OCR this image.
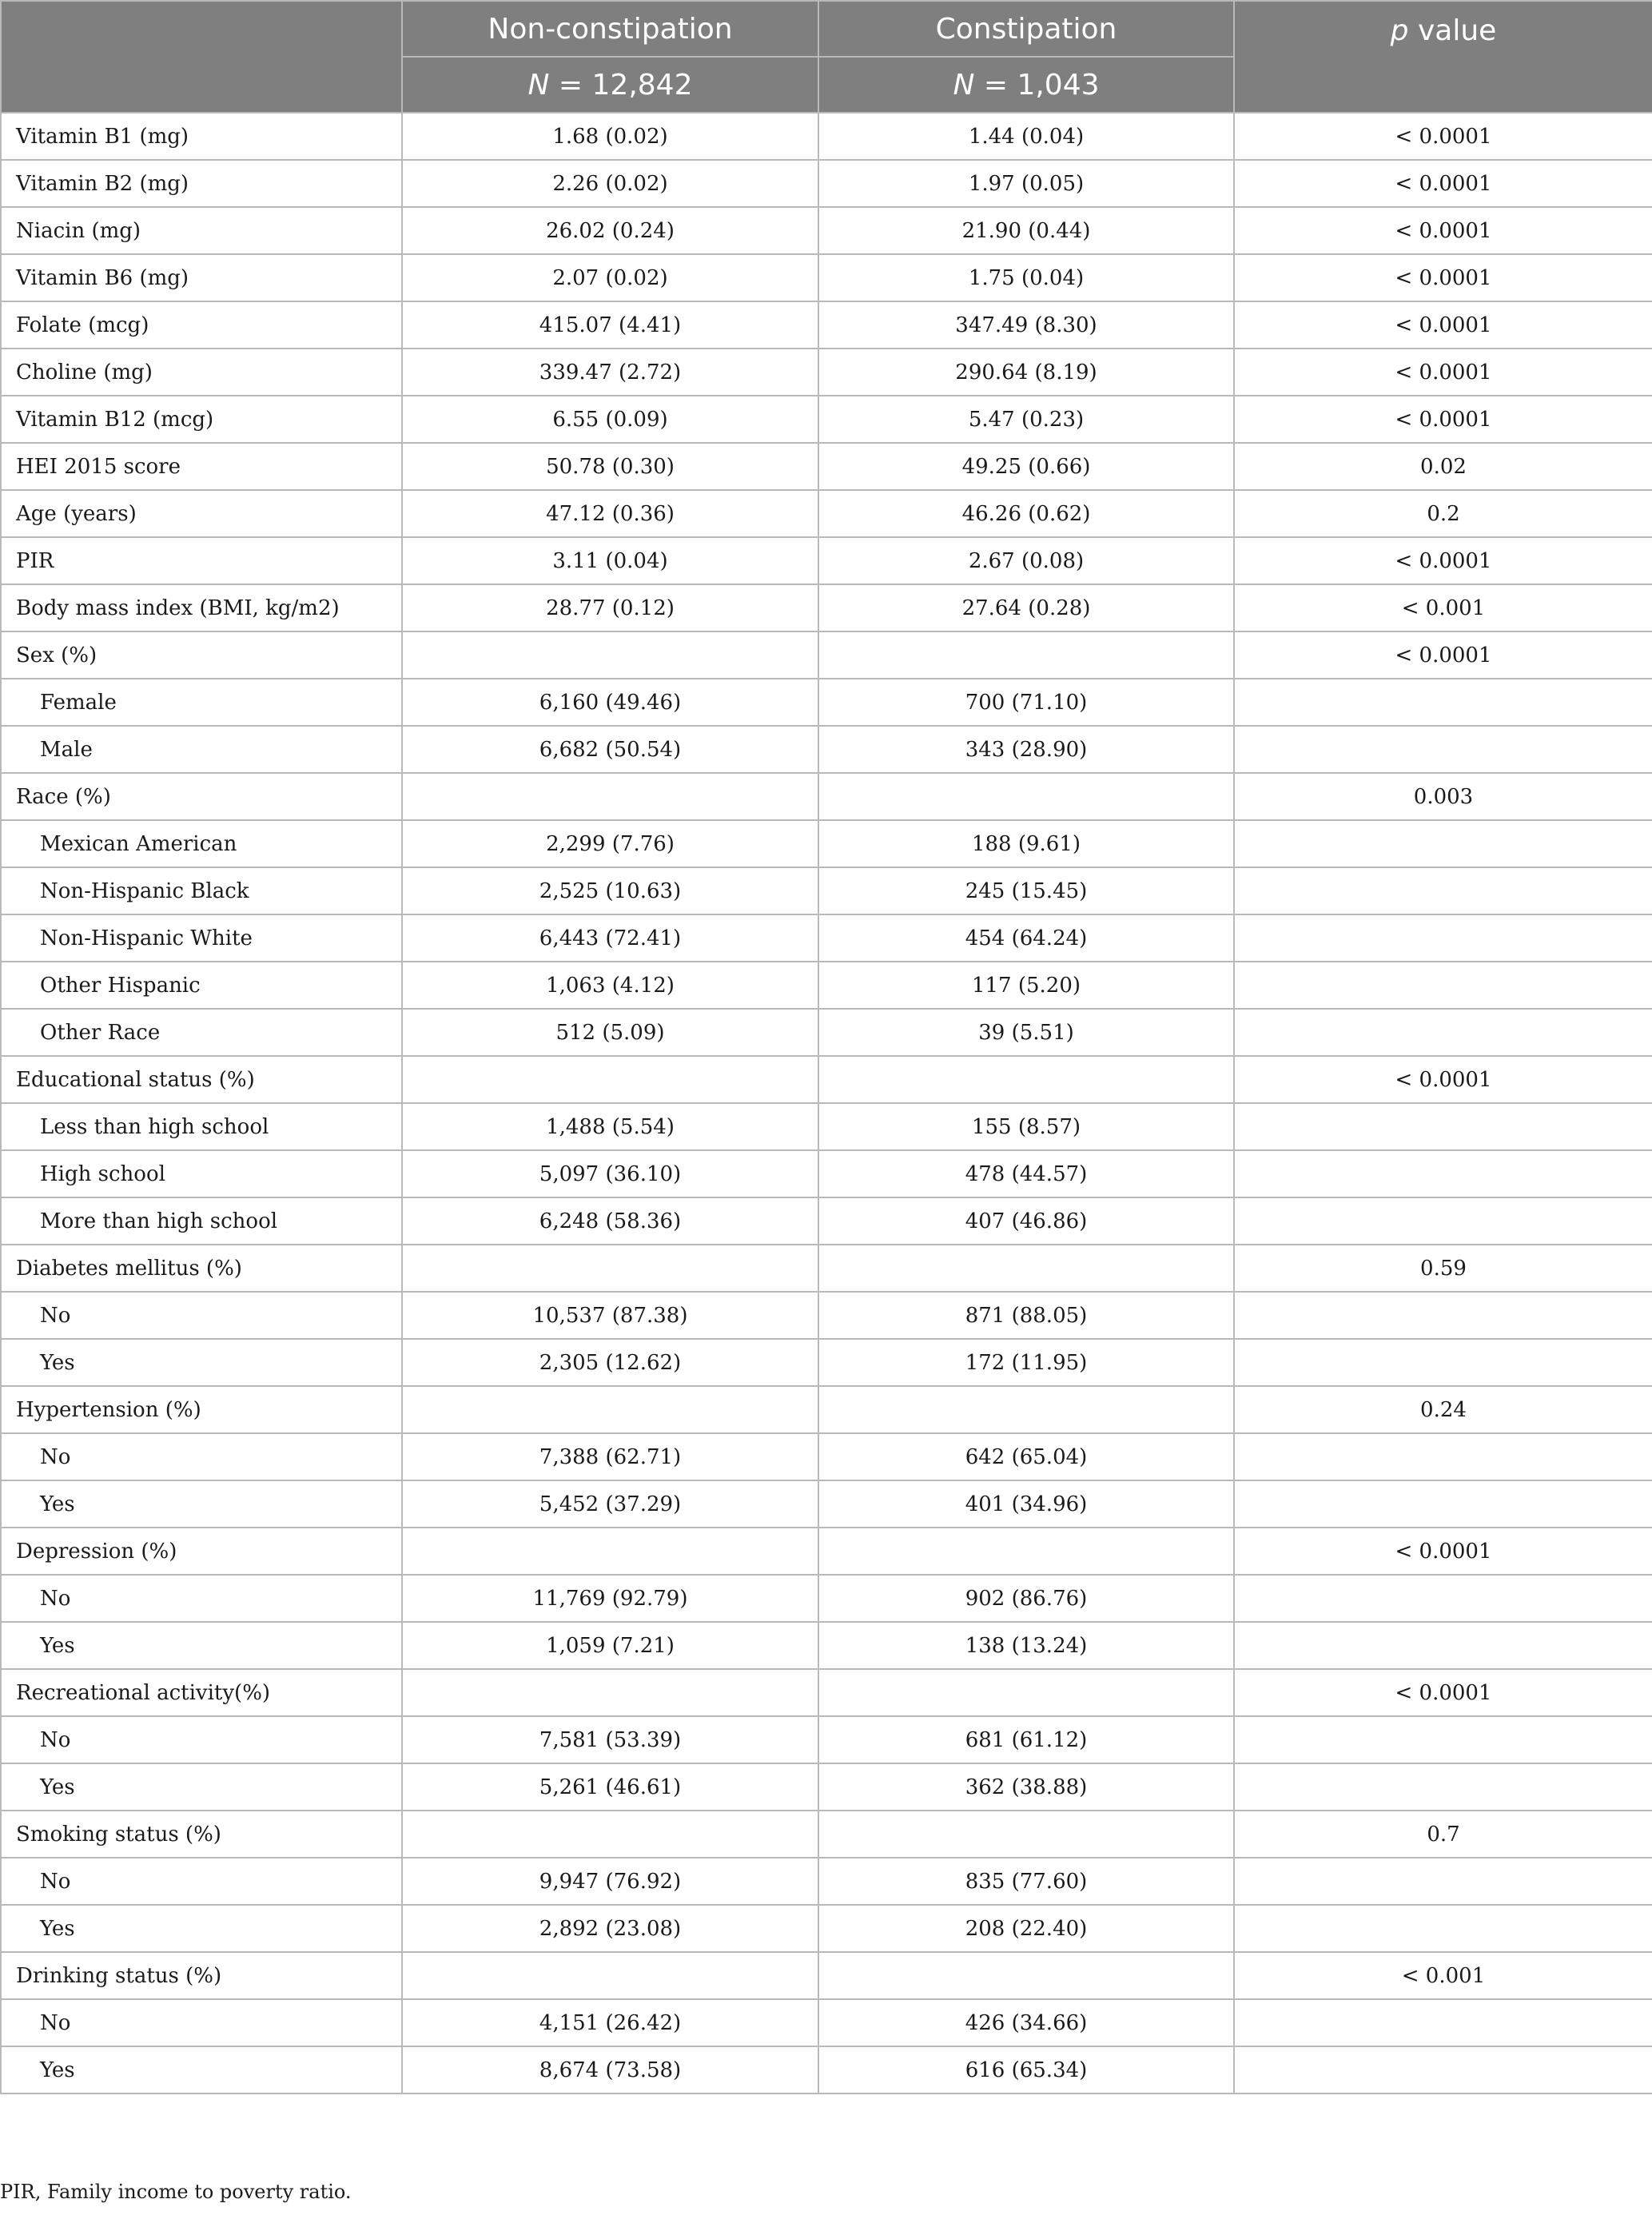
	Non-constipation	Constipation	p value
	N = 12,842	N = 1,043	
Vitamin B1 (mg)	1.68 (0.02)	1.44 (0.04)	< 0.0001
Vitamin B2 (mg)	2.26 (0.02)	1.97 (0.05)	< 0.0001
Niacin (mg)	26.02 (0.24)	21.90 (0.44)	< 0.0001
Vitamin B6 (mg)	2.07 (0.02)	1.75 (0.04)	< 0.0001
Folate (mcg)	415.07 (4.41)	347.49 (8.30)	< 0.0001
Choline (mg)	339.47 (2.72)	290.64 (8.19)	< 0.0001
Vitamin B12 (mcg)	6.55 (0.09)	5.47 (0.23)	< 0.0001
HEI 2015 score	50.78 (0.30)	49.25 (0.66)	0.02
Age (years)	47.12 (0.36)	46.26 (0.62)	0.2
PIR	3.11 (0.04)	2.67 (0.08)	< 0.0001
Body mass index (BMI, kg/m2)	28.77 (0.12)	27.64 (0.28)	< 0.001
Sex (%)			< 0.0001
Female	6,160 (49.46)	700 (71.10)	
Male	6,682 (50.54)	343 (28.90)	
Race (%)			0.003
Mexican American	2,299 (7.76)	188 (9.61)	
Non-Hispanic Black	2,525 (10.63)	245 (15.45)	
Non-Hispanic White	6,443 (72.41)	454 (64.24)	
Other Hispanic	1,063 (4.12)	117 (5.20)	
Other Race	512 (5.09)	39 (5.51)	
Educational status (%)			< 0.0001
Less than high school	1,488 (5.54)	155 (8.57)	
High school	5,097 (36.10)	478 (44.57)	
More than high school	6,248 (58.36)	407 (46.86)	
Diabetes mellitus (%)			0.59
No	10,537 (87.38)	871 (88.05)	
Yes	2,305 (12.62)	172 (11.95)	
Hypertension (%)			0.24
No	7,388 (62.71)	642 (65.04)	
Yes	5,452 (37.29)	401 (34.96)	
Depression (%)			< 0.0001
No	11,769 (92.79)	902 (86.76)	
Yes	1,059 (7.21)	138 (13.24)	
Recreational activity(%)			< 0.0001
No	7,581 (53.39)	681 (61.12)	
Yes	5,261 (46.61)	362 (38.88)	
Smoking status (%)			0.7
No	9,947 (76.92)	835 (77.60)	
Yes	2,892 (23.08)	208 (22.40)	
Drinking status (%)			< 0.001
No	4,151 (26.42)	426 (34.66)	
Yes	8,674 (73.58)	616 (65.34)	
PIR, Family income to poverty ratio.
